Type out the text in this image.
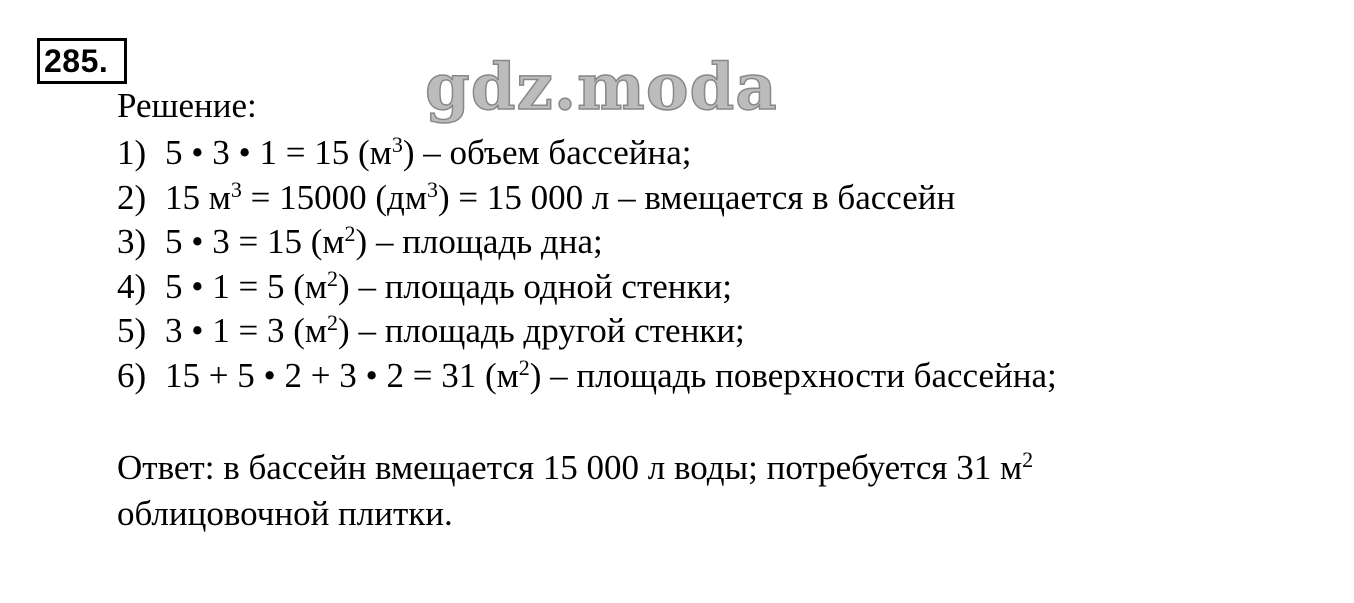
285.	gdz.moda
Решение:
1) 5 • 3 • 1 = 15 $(м^3)$ – объем бассейна;
2) 15 $м^3 = 15000$ $(дм^3) = 15$ 000 л – вмещается в бассейн
3) 5 • 3 = 15 $(м^2)$ – площадь дна;
4) 5 • 1 = 5 $(м^2)$ – площадь одной стенки;
5) 3 • 1 = 3 $(м^2)$ – площадь другой стенки;
6) 15 + 5 • 2 + 3 • 2 = 31 $(м^2)$ – площадь поверхности бассейна;
Ответ: в бассейн вмещается 15 000 л воды; потребуется 31 $м^2$
облицовочной плитки.
